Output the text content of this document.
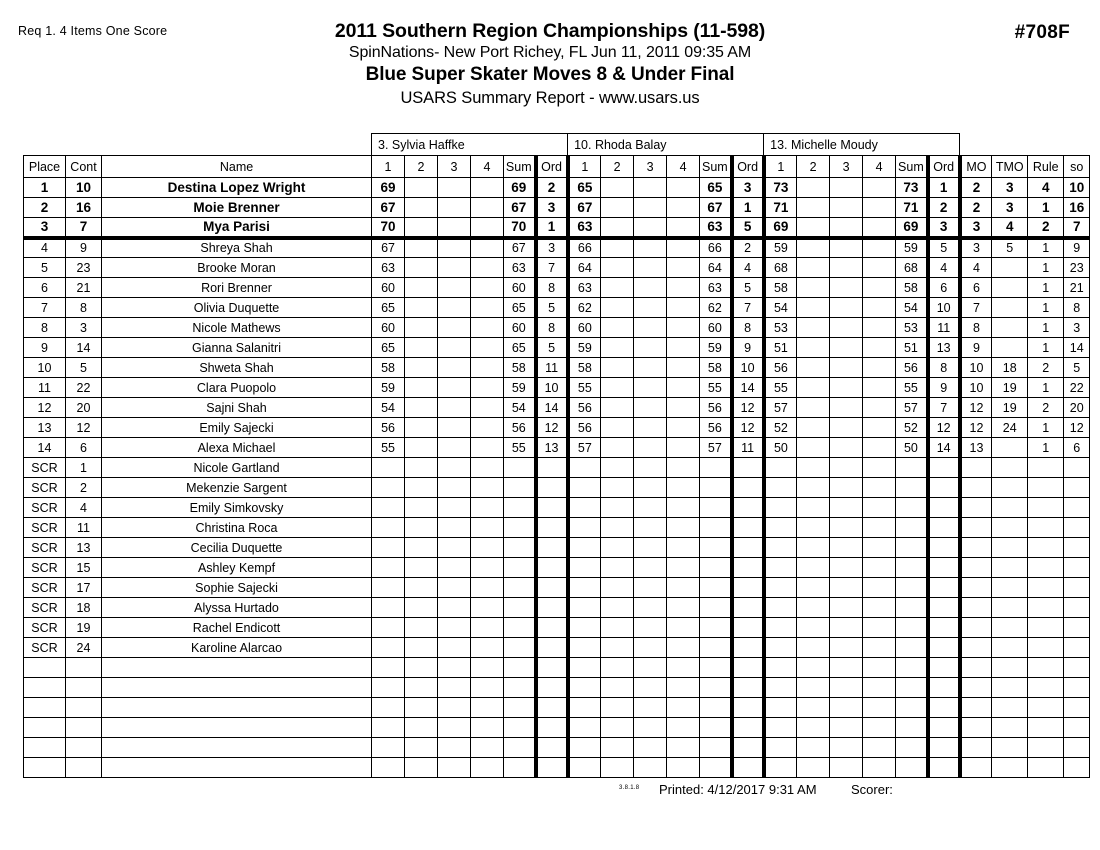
Req 1. 4 Items One Score	#708F
2011 Southern Region Championships (11-598)
SpinNations- New Port Richey, FL Jun 11, 2011 09:35 AM
Blue Super Skater Moves 8 & Under Final
USARS Summary Report - www.usars.us
			3. Sylvia Haffke						10. Rhoda Balay						13. Michelle Moudy									
Place	Cont	Name	1	2	3	4	Sum	Ord	1	2	3	4	Sum	Ord	1	2	3	4	Sum	Ord	MO	TMO	Rule	so
1	10	Destina Lopez Wright	69				69	2	65				65	3	73				73	1	2	3	4	10
2	16	Moie Brenner	67				67	3	67				67	1	71				71	2	2	3	1	16
3	7	Mya Parisi	70				70	1	63				63	5	69				69	3	3	4	2	7
4	9	Shreya Shah	67				67	3	66				66	2	59				59	5	3	5	1	9
5	23	Brooke Moran	63				63	7	64				64	4	68				68	4	4		1	23
6	21	Rori Brenner	60				60	8	63				63	5	58				58	6	6		1	21
7	8	Olivia Duquette	65				65	5	62				62	7	54				54	10	7		1	8
8	3	Nicole Mathews	60				60	8	60				60	8	53				53	11	8		1	3
9	14	Gianna Salanitri	65				65	5	59				59	9	51				51	13	9		1	14
10	5	Shweta Shah	58				58	11	58				58	10	56				56	8	10	18	2	5
11	22	Clara Puopolo	59				59	10	55				55	14	55				55	9	10	19	1	22
12	20	Sajni Shah	54				54	14	56				56	12	57				57	7	12	19	2	20
13	12	Emily Sajecki	56				56	12	56				56	12	52				52	12	12	24	1	12
14	6	Alexa Michael	55				55	13	57				57	11	50				50	14	13		1	6
SCR	1	Nicole Gartland																						
SCR	2	Mekenzie Sargent																						
SCR	4	Emily Simkovsky																						
SCR	11	Christina Roca																						
SCR	13	Cecilia Duquette																						
SCR	15	Ashley Kempf																						
SCR	17	Sophie Sajecki																						
SCR	18	Alyssa Hurtado																						
SCR	19	Rachel Endicott																						
SCR	24	Karoline Alarcao																						

3.8.1.8 Printed: 4/12/2017 9:31 AM	Scorer:
